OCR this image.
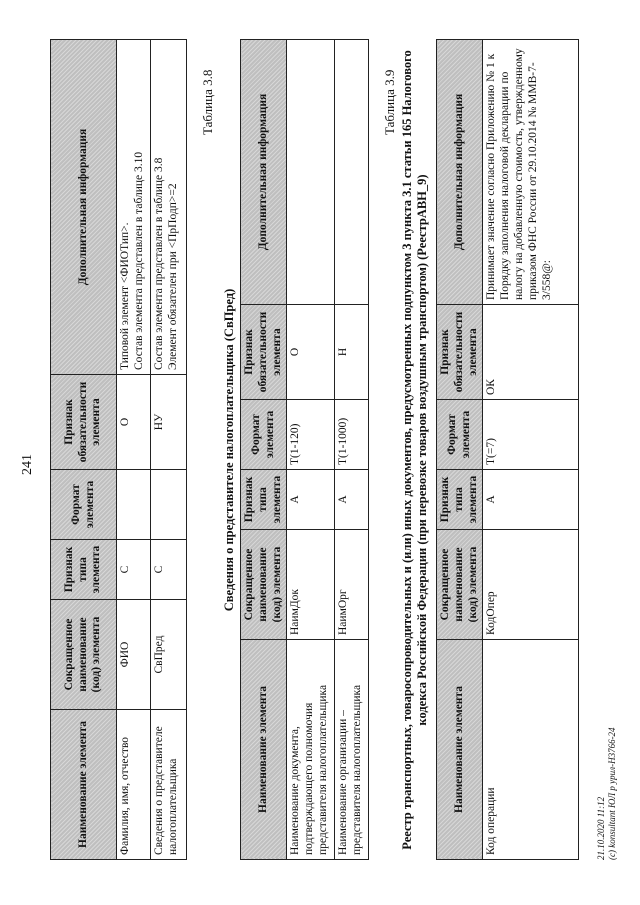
241
Наименование элемента	Сокращенное наименование (код) элемента	Признак типа элемента	Формат элемента	Признак обязательности элемента	Дополнительная информация
Фамилия, имя, отчество	ФИО	С		О	Типовой элемент <ФИОТип>.
Состав элемента представлен в таблице 3.10
Сведения о представителе налогоплательщика	СвПред	С		НУ	Состав элемента представлен в таблице 3.8
Элемент обязателен при <ПрПодп>=2
Таблица 3.8
Сведения о представителе налогоплательщика (СвПред)
Наименование элемента	Сокращенное наименование (код) элемента	Признак типа элемента	Формат элемента	Признак обязательности элемента	Дополнительная информация
Наименование документа, подтверждающего полномочия представителя налогоплательщика	НаимДок	А	T(1-120)	О	
Наименование организации – представителя налогоплательщика	НаимОрг	А	T(1-1000)	Н	
Таблица 3.9 Реестр транспортных, товаросопроводительных и (или) иных документов, предусмотренных подпунктом 3 пункта 3.1 статьи 165 Налогового кодекса Российской Федерации (при перевозке товаров воздушным транспортом) (РеестрАВН_9)
Наименование элемента	Сокращенное наименование (код) элемента	Признак типа элемента	Формат элемента	Признак обязательности элемента	Дополнительная информация
Код операции	КодОпер	А	T(=7)	ОК	Принимает значение согласно Приложению № 1 к Порядку заполнения налоговой декларации по налогу на добавленную стоимость, утвержденному приказом ФНС России от 29.10.2014 № ММВ-7-3/558@:
21.10.2020 11:12 (c) konsultant ЮЛ р уpuл-Н3766-24
